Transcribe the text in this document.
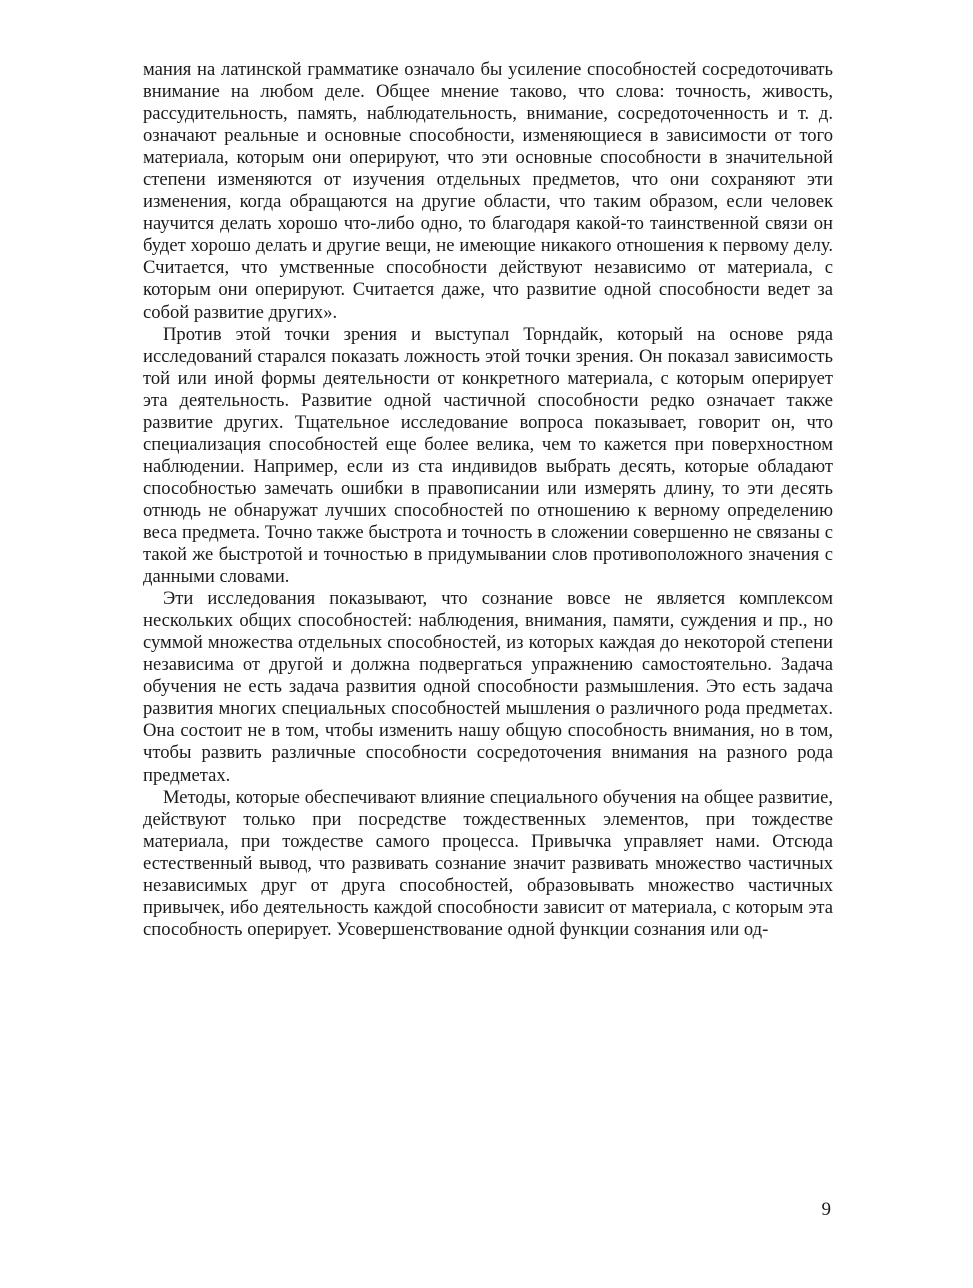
мания на латинской грамматике означало бы усиление способностей сосредоточивать внимание на любом деле. Общее мнение таково, что слова: точность, живость, рассудительность, память, наблюдательность, внимание, сосредоточенность и т. д. означают реальные и основные способности, изменяющиеся в зависимости от того материала, которым они оперируют, что эти основные способности в значительной степени изменяются от изучения отдельных предметов, что они сохраняют эти изменения, когда обращаются на другие области, что таким образом, если человек научится делать хорошо что-либо одно, то благодаря какой-то таинственной связи он будет хорошо делать и другие вещи, не имеющие никакого отношения к первому делу. Считается, что умственные способности действуют независимо от материала, с которым они оперируют. Считается даже, что развитие одной способности ведет за собой развитие других».

Против этой точки зрения и выступал Торндайк, который на основе ряда исследований старался показать ложность этой точки зрения. Он показал зависимость той или иной формы деятельности от конкретного материала, с которым оперирует эта деятельность. Развитие одной частичной способности редко означает также развитие других. Тщательное исследование вопроса показывает, говорит он, что специализация способностей еще более велика, чем то кажется при поверхностном наблюдении. Например, если из ста индивидов выбрать десять, которые обладают способностью замечать ошибки в правописании или измерять длину, то эти десять отнюдь не обнаружат лучших способностей по отношению к верному определению веса предмета. Точно также быстрота и точность в сложении совершенно не связаны с такой же быстротой и точностью в придумывании слов противоположного значения с данными словами.

Эти исследования показывают, что сознание вовсе не является комплексом нескольких общих способностей: наблюдения, внимания, памяти, суждения и пр., но суммой множества отдельных способностей, из которых каждая до некоторой степени независима от другой и должна подвергаться упражнению самостоятельно. Задача обучения не есть задача развития одной способности размышления. Это есть задача развития многих специальных способностей мышления о различного рода предметах. Она состоит не в том, чтобы изменить нашу общую способность внимания, но в том, чтобы развить различные способности сосредоточения внимания на разного рода предметах.

Методы, которые обеспечивают влияние специального обучения на общее развитие, действуют только при посредстве тождественных элементов, при тождестве материала, при тождестве самого процесса. Привычка управляет нами. Отсюда естественный вывод, что развивать сознание значит развивать множество частичных независимых друг от друга способностей, образовывать множество частичных привычек, ибо деятельность каждой способности зависит от материала, с которым эта способность оперирует. Усовершенствование одной функции сознания или од-

9
